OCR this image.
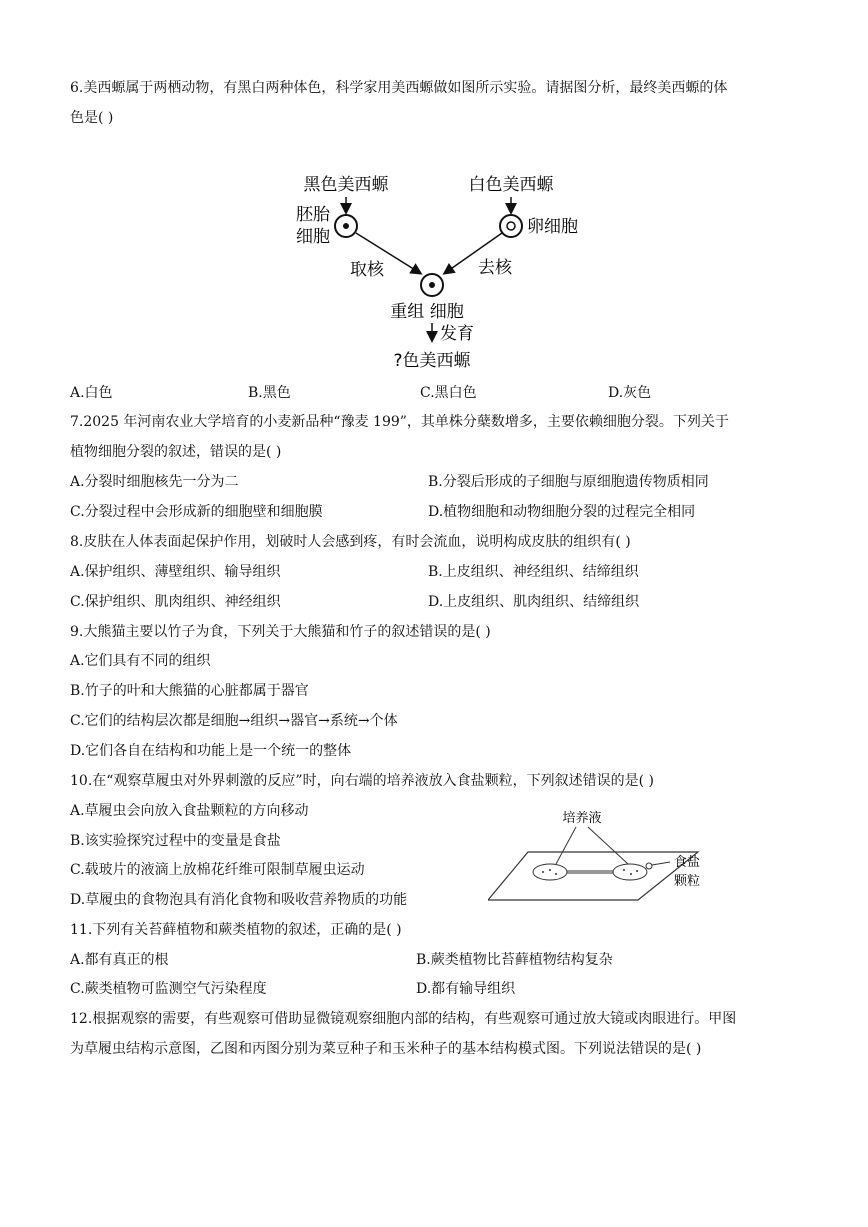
6.美西螈属于两栖动物，有黑白两种体色，科学家用美西螈做如图所示实验。请据图分析，最终美西螈的体
色是( )
黑色美西螈	白色美西螈
胚胎
细胞	卵细胞
取核	去核
重组 细胞
发育
?色美西螈
A.白色	B.黑色	C.黑白色	D.灰色
7.2025 年河南农业大学培育的小麦新品种“豫麦 199”，其单株分蘖数增多，主要依赖细胞分裂。下列关于
植物细胞分裂的叙述，错误的是( )
A.分裂时细胞核先一分为二	B.分裂后形成的子细胞与原细胞遗传物质相同
C.分裂过程中会形成新的细胞壁和细胞膜	D.植物细胞和动物细胞分裂的过程完全相同
8.皮肤在人体表面起保护作用，划破时人会感到疼，有时会流血，说明构成皮肤的组织有( )
A.保护组织、薄壁组织、输导组织	B.上皮组织、神经组织、结缔组织
C.保护组织、肌肉组织、神经组织	D.上皮组织、肌肉组织、结缔组织
9.大熊猫主要以竹子为食，下列关于大熊猫和竹子的叙述错误的是( )
A.它们具有不同的组织
B.竹子的叶和大熊猫的心脏都属于器官
C.它们的结构层次都是细胞→组织→器官→系统→个体
D.它们各自在结构和功能上是一个统一的整体
10.在“观察草履虫对外界刺激的反应”时，向右端的培养液放入食盐颗粒，下列叙述错误的是( )
A.草履虫会向放入食盐颗粒的方向移动
B.该实验探究过程中的变量是食盐
C.载玻片的液滴上放棉花纤维可限制草履虫运动
D.草履虫的食物泡具有消化食物和吸收营养物质的功能
培养液
食盐
颗粒
11.下列有关苔藓植物和蕨类植物的叙述，正确的是( )
A.都有真正的根	B.蕨类植物比苔藓植物结构复杂
C.蕨类植物可监测空气污染程度	D.都有输导组织
12.根据观察的需要，有些观察可借助显微镜观察细胞内部的结构，有些观察可通过放大镜或肉眼进行。甲图
为草履虫结构示意图，乙图和丙图分别为菜豆种子和玉米种子的基本结构模式图。下列说法错误的是( )
